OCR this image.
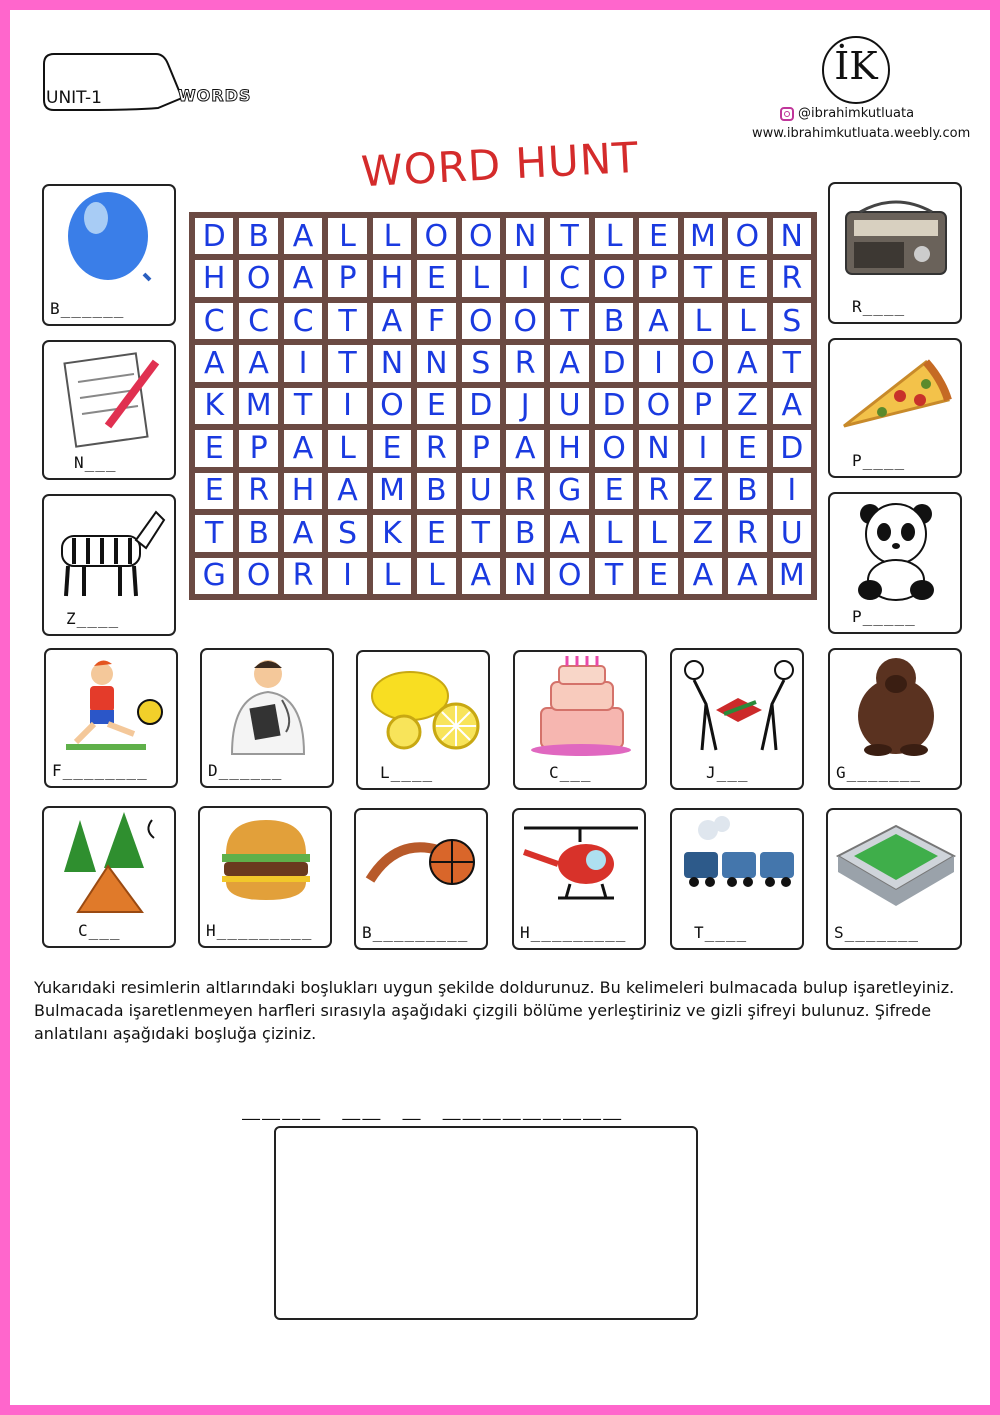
UNIT-1	WORDS
İK
@ibrahimkutluata
www.ibrahimkutluata.weebly.com
WORD HUNT
B______
N___
Z____
R____
P____
P_____
F________	D______	L____	C___	J___	G_______
C___	H_________	B_________	H_________	T____	S_______
D B A L L O O N T L E M O N
H O A P H E L	I C O P T E R
C C C T A F O O T B A L L S
A A I	T N N S R A D I O A T
K M T	I O E D J U D O P Z A
E P A L E R P A H O N I	E D
E R H A M B U R G E R Z B I
T B A S K E T B A L L Z R U
G O R I	L L A N O T E A A M
Yukarıdaki resimlerin altlarındaki boşlukları uygun şekilde doldurunuz. Bu kelimeleri bulmacada bulup işaretleyiniz. Bulmacada işaretlenmeyen harfleri sırasıyla aşağıdaki çizgili bölüme yerleştiriniz ve gizli şifreyi bulunuz. Şifrede anlatılanı aşağıdaki boşluğa çiziniz.
____ __ _ _________
